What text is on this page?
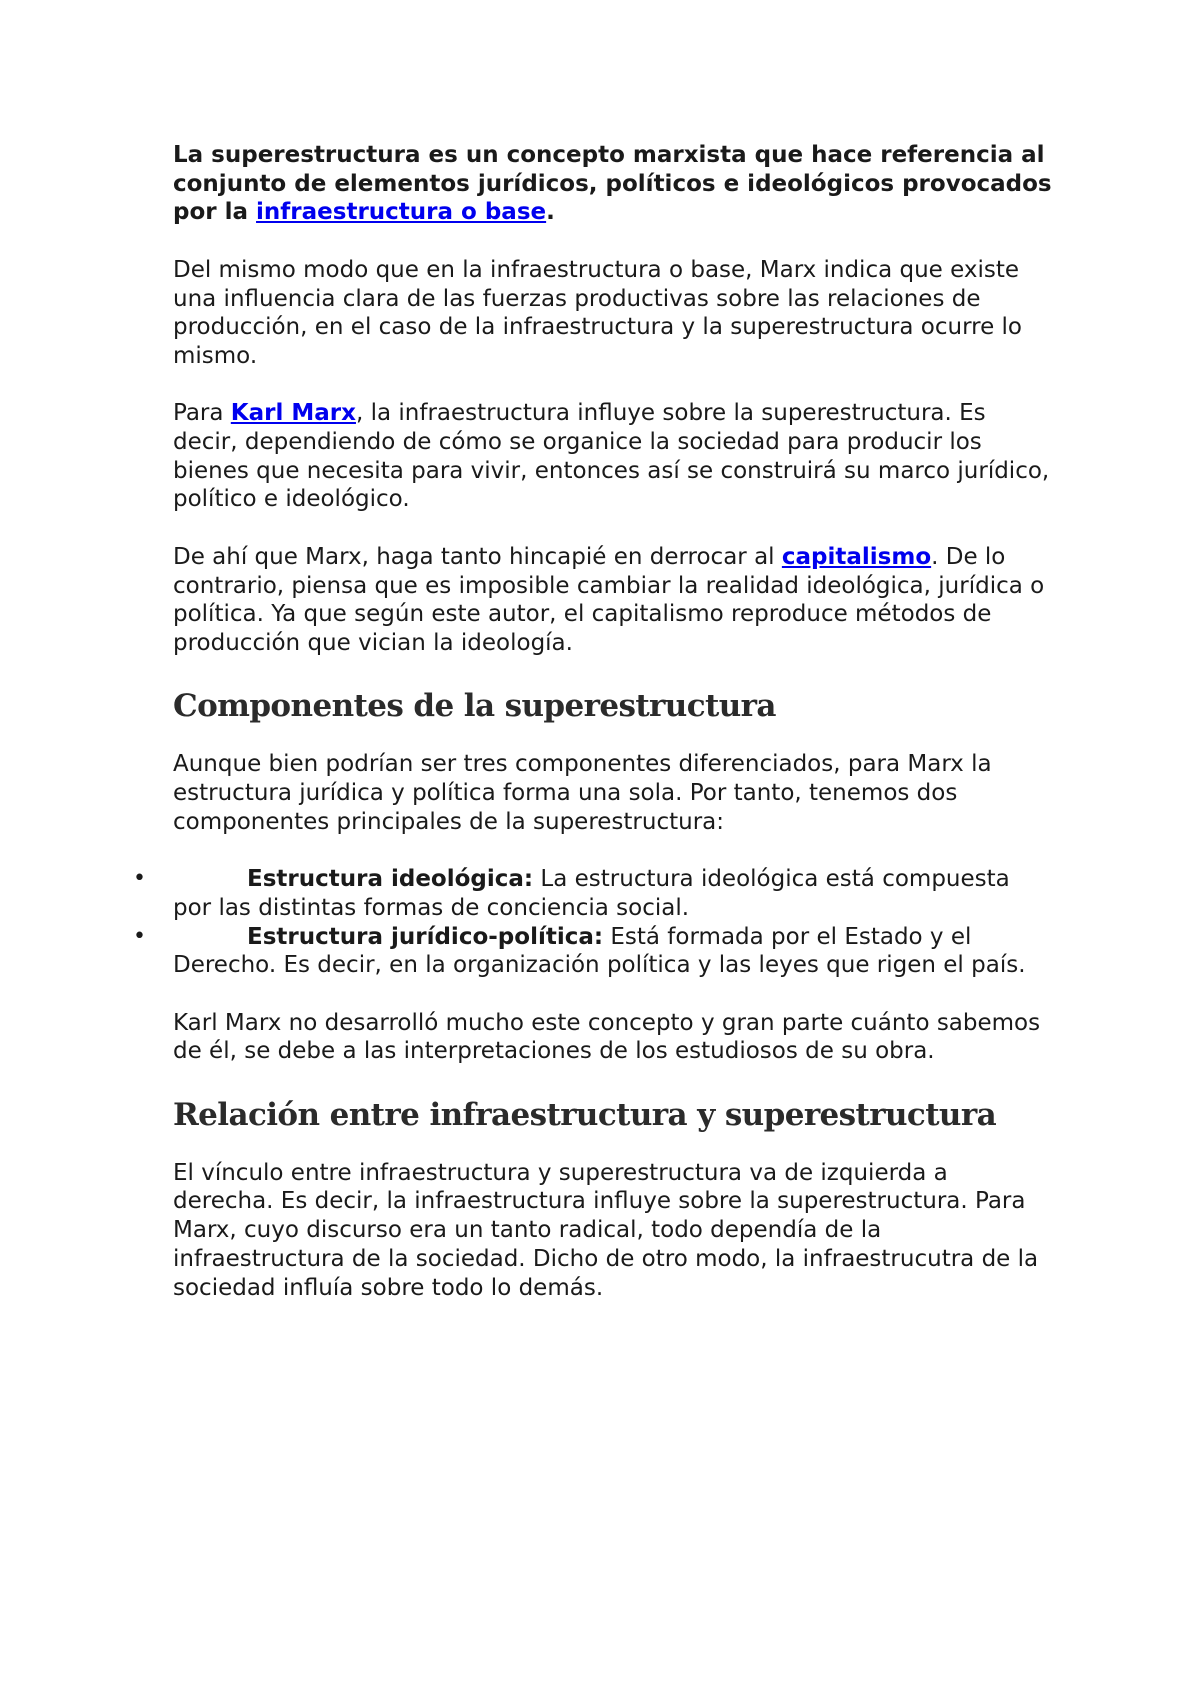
La superestructura es un concepto marxista que hace referencia al conjunto de elementos jurídicos, políticos e ideológicos provocados por la infraestructura o base.

Del mismo modo que en la infraestructura o base, Marx indica que existe una influencia clara de las fuerzas productivas sobre las relaciones de producción, en el caso de la infraestructura y la superestructura ocurre lo mismo.

Para Karl Marx, la infraestructura influye sobre la superestructura. Es decir, dependiendo de cómo se organice la sociedad para producir los bienes que necesita para vivir, entonces así se construirá su marco jurídico, político e ideológico.

De ahí que Marx, haga tanto hincapié en derrocar al capitalismo. De lo contrario, piensa que es imposible cambiar la realidad ideológica, jurídica o política. Ya que según este autor, el capitalismo reproduce métodos de producción que vician la ideología.

Componentes de la superestructura

Aunque bien podrían ser tres componentes diferenciados, para Marx la estructura jurídica y política forma una sola. Por tanto, tenemos dos componentes principales de la superestructura:

•	Estructura ideológica: La estructura ideológica está compuesta por las distintas formas de conciencia social.
•	Estructura jurídico-política: Está formada por el Estado y el Derecho. Es decir, en la organización política y las leyes que rigen el país.

Karl Marx no desarrolló mucho este concepto y gran parte cuánto sabemos de él, se debe a las interpretaciones de los estudiosos de su obra.

Relación entre infraestructura y superestructura

El vínculo entre infraestructura y superestructura va de izquierda a derecha. Es decir, la infraestructura influye sobre la superestructura. Para Marx, cuyo discurso era un tanto radical, todo dependía de la infraestructura de la sociedad. Dicho de otro modo, la infraestrucutra de la sociedad influía sobre todo lo demás.
